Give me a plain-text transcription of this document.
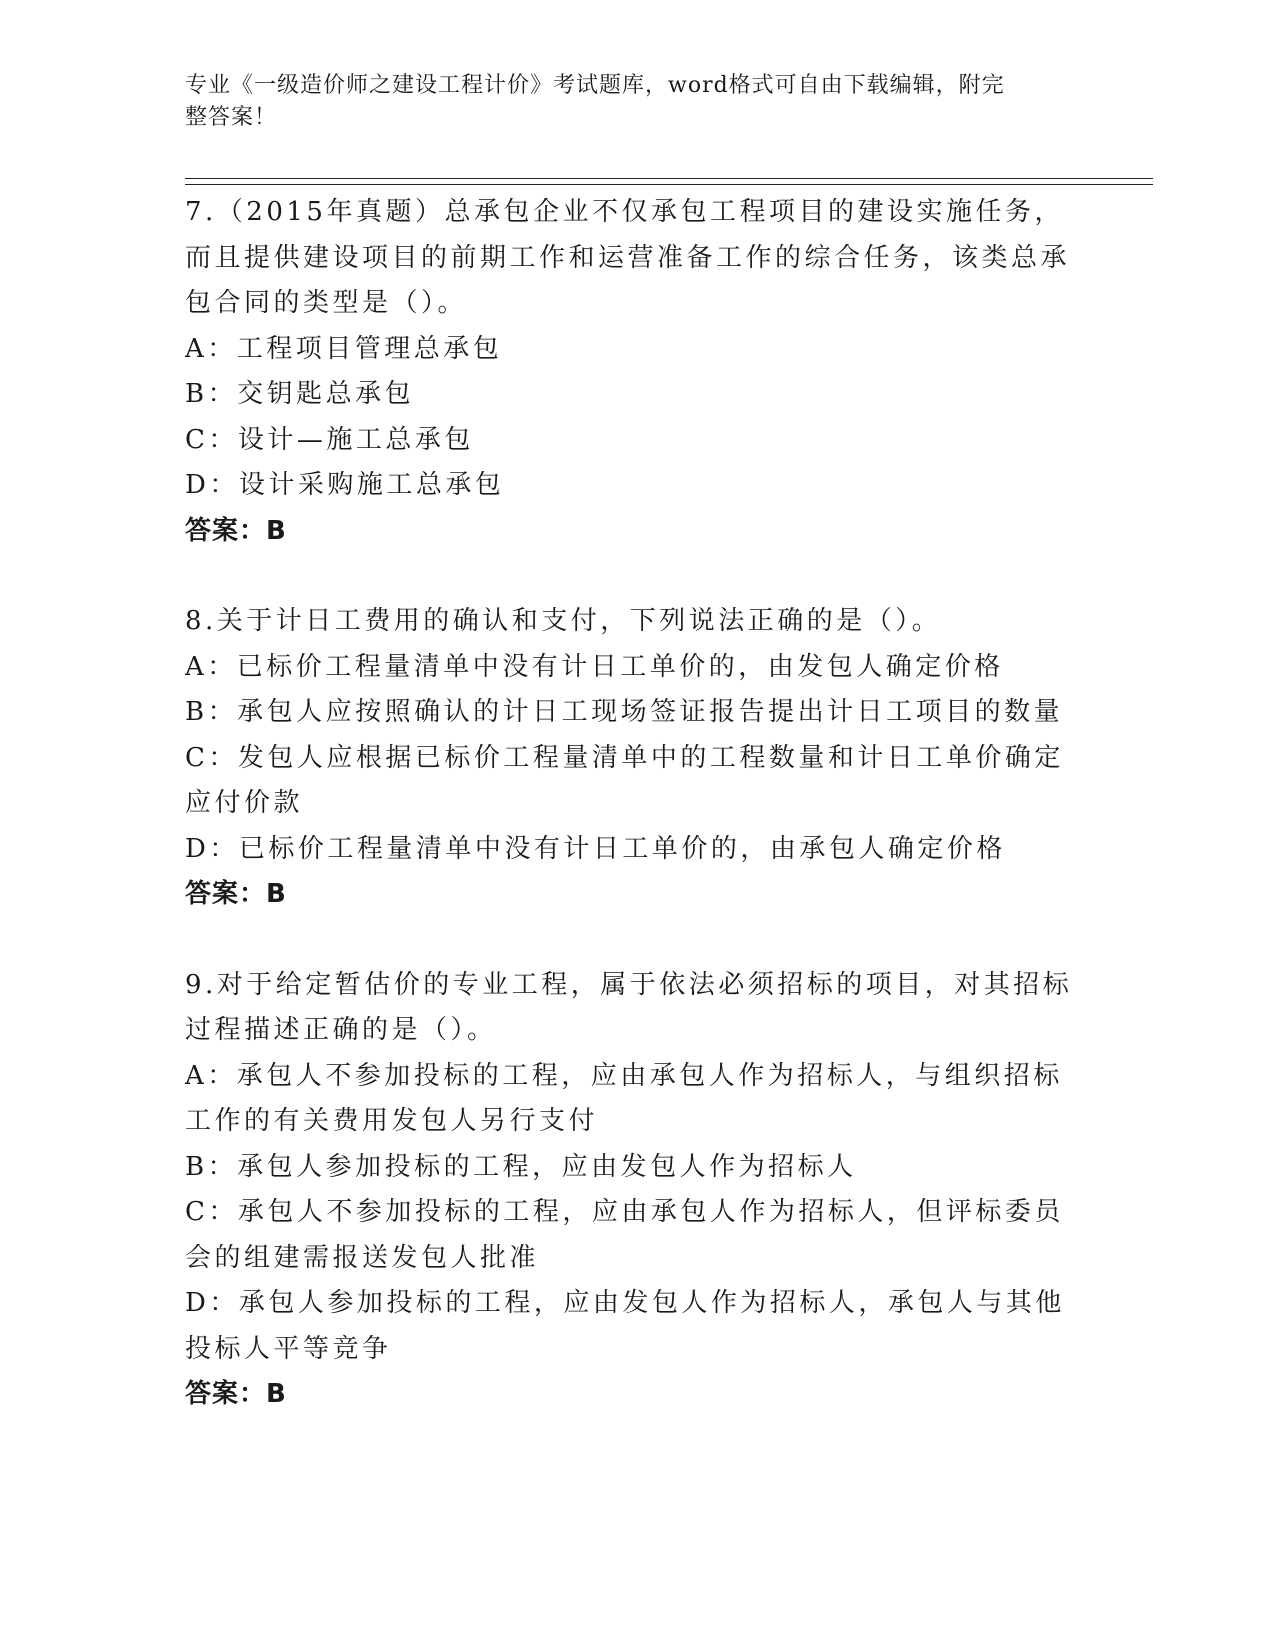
专业《一级造价师之建设工程计价》考试题库，word格式可自由下载编辑，附完
整答案！

7.（2015年真题）总承包企业不仅承包工程项目的建设实施任务，而且提供建设项目的前期工作和运营准备工作的综合任务，该类总承包合同的类型是（）。

A：工程项目管理总承包

B：交钥匙总承包

C：设计—施工总承包

D：设计采购施工总承包

答案：B

8.关于计日工费用的确认和支付，下列说法正确的是（）。

A：已标价工程量清单中没有计日工单价的，由发包人确定价格

B：承包人应按照确认的计日工现场签证报告提出计日工项目的数量

C：发包人应根据已标价工程量清单中的工程数量和计日工单价确定应付价款

D：已标价工程量清单中没有计日工单价的，由承包人确定价格

答案：B

9.对于给定暂估价的专业工程，属于依法必须招标的项目，对其招标过程描述正确的是（）。

A：承包人不参加投标的工程，应由承包人作为招标人，与组织招标工作的有关费用发包人另行支付

B：承包人参加投标的工程，应由发包人作为招标人

C：承包人不参加投标的工程，应由承包人作为招标人，但评标委员会的组建需报送发包人批准

D：承包人参加投标的工程，应由发包人作为招标人，承包人与其他投标人平等竞争

答案：B
